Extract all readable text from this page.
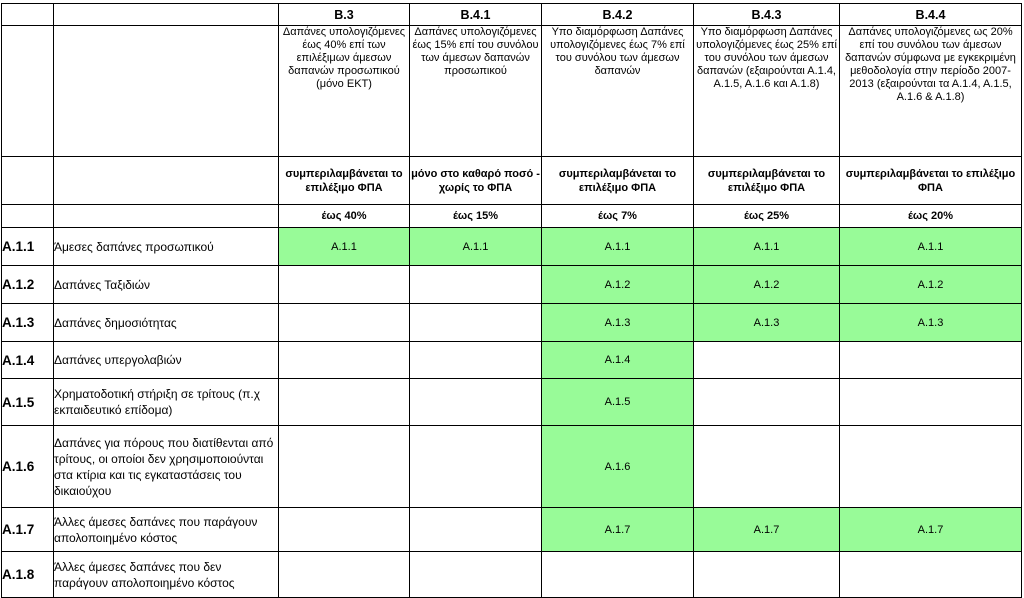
		B.3	B.4.1	B.4.2	B.4.3	B.4.4
		Δαπάνες υπολογιζόμενες έως 40% επί των επιλέξιμων άμεσων δαπανών προσωπικού (μόνο ΕΚΤ)	Δαπάνες υπολογιζόμενες έως 15% επί του συνόλου των άμεσων δαπανών προσωπικού	Υπο διαμόρφωση Δαπάνες υπολογιζόμενες έως 7% επί του συνόλου των άμεσων δαπανών	Υπο διαμόρφωση Δαπάνες υπολογιζόμενες έως 25% επί του συνόλου των άμεσων δαπανών (εξαιρούνται Α.1.4, Α.1.5, Α.1.6 και Α.1.8)	Δαπάνες υπολογιζόμενες ως 20% επί του συνόλου των άμεσων δαπανών σύμφωνα με εγκεκριμένη μεθοδολογία στην περίοδο 2007-2013 (εξαιρούνται τα Α.1.4, Α.1.5, Α.1.6 & Α.1.8)
		συμπεριλαμβάνεται το επιλέξιμο ΦΠΑ	μόνο στο καθαρό ποσό - χωρίς το ΦΠΑ	συμπεριλαμβάνεται το επιλέξιμο ΦΠΑ	συμπεριλαμβάνεται το επιλέξιμο ΦΠΑ	συμπεριλαμβάνεται το επιλέξιμο ΦΠΑ
		έως 40%	έως 15%	έως 7%	έως 25%	έως 20%
A.1.1	Άμεσες δαπάνες προσωπικού	A.1.1	A.1.1	A.1.1	A.1.1	A.1.1
A.1.2	Δαπάνες Ταξιδιών			A.1.2	A.1.2	A.1.2
A.1.3	Δαπάνες δημοσιότητας			A.1.3	A.1.3	A.1.3
A.1.4	Δαπάνες υπεργολαβιών			A.1.4		
A.1.5	Χρηματοδοτική στήριξη σε τρίτους (π.χ εκπαιδευτικό επίδομα)			A.1.5		
A.1.6	Δαπάνες για πόρους που διατίθενται από τρίτους, οι οποίοι δεν χρησιμοποιούνται στα κτίρια και τις εγκαταστάσεις του δικαιούχου			A.1.6		
A.1.7	Άλλες άμεσες δαπάνες που παράγουν απολοποιημένο κόστος			A.1.7	A.1.7	A.1.7
A.1.8	Άλλες άμεσες δαπάνες που δεν παράγουν απολοποιημένο κόστος					
